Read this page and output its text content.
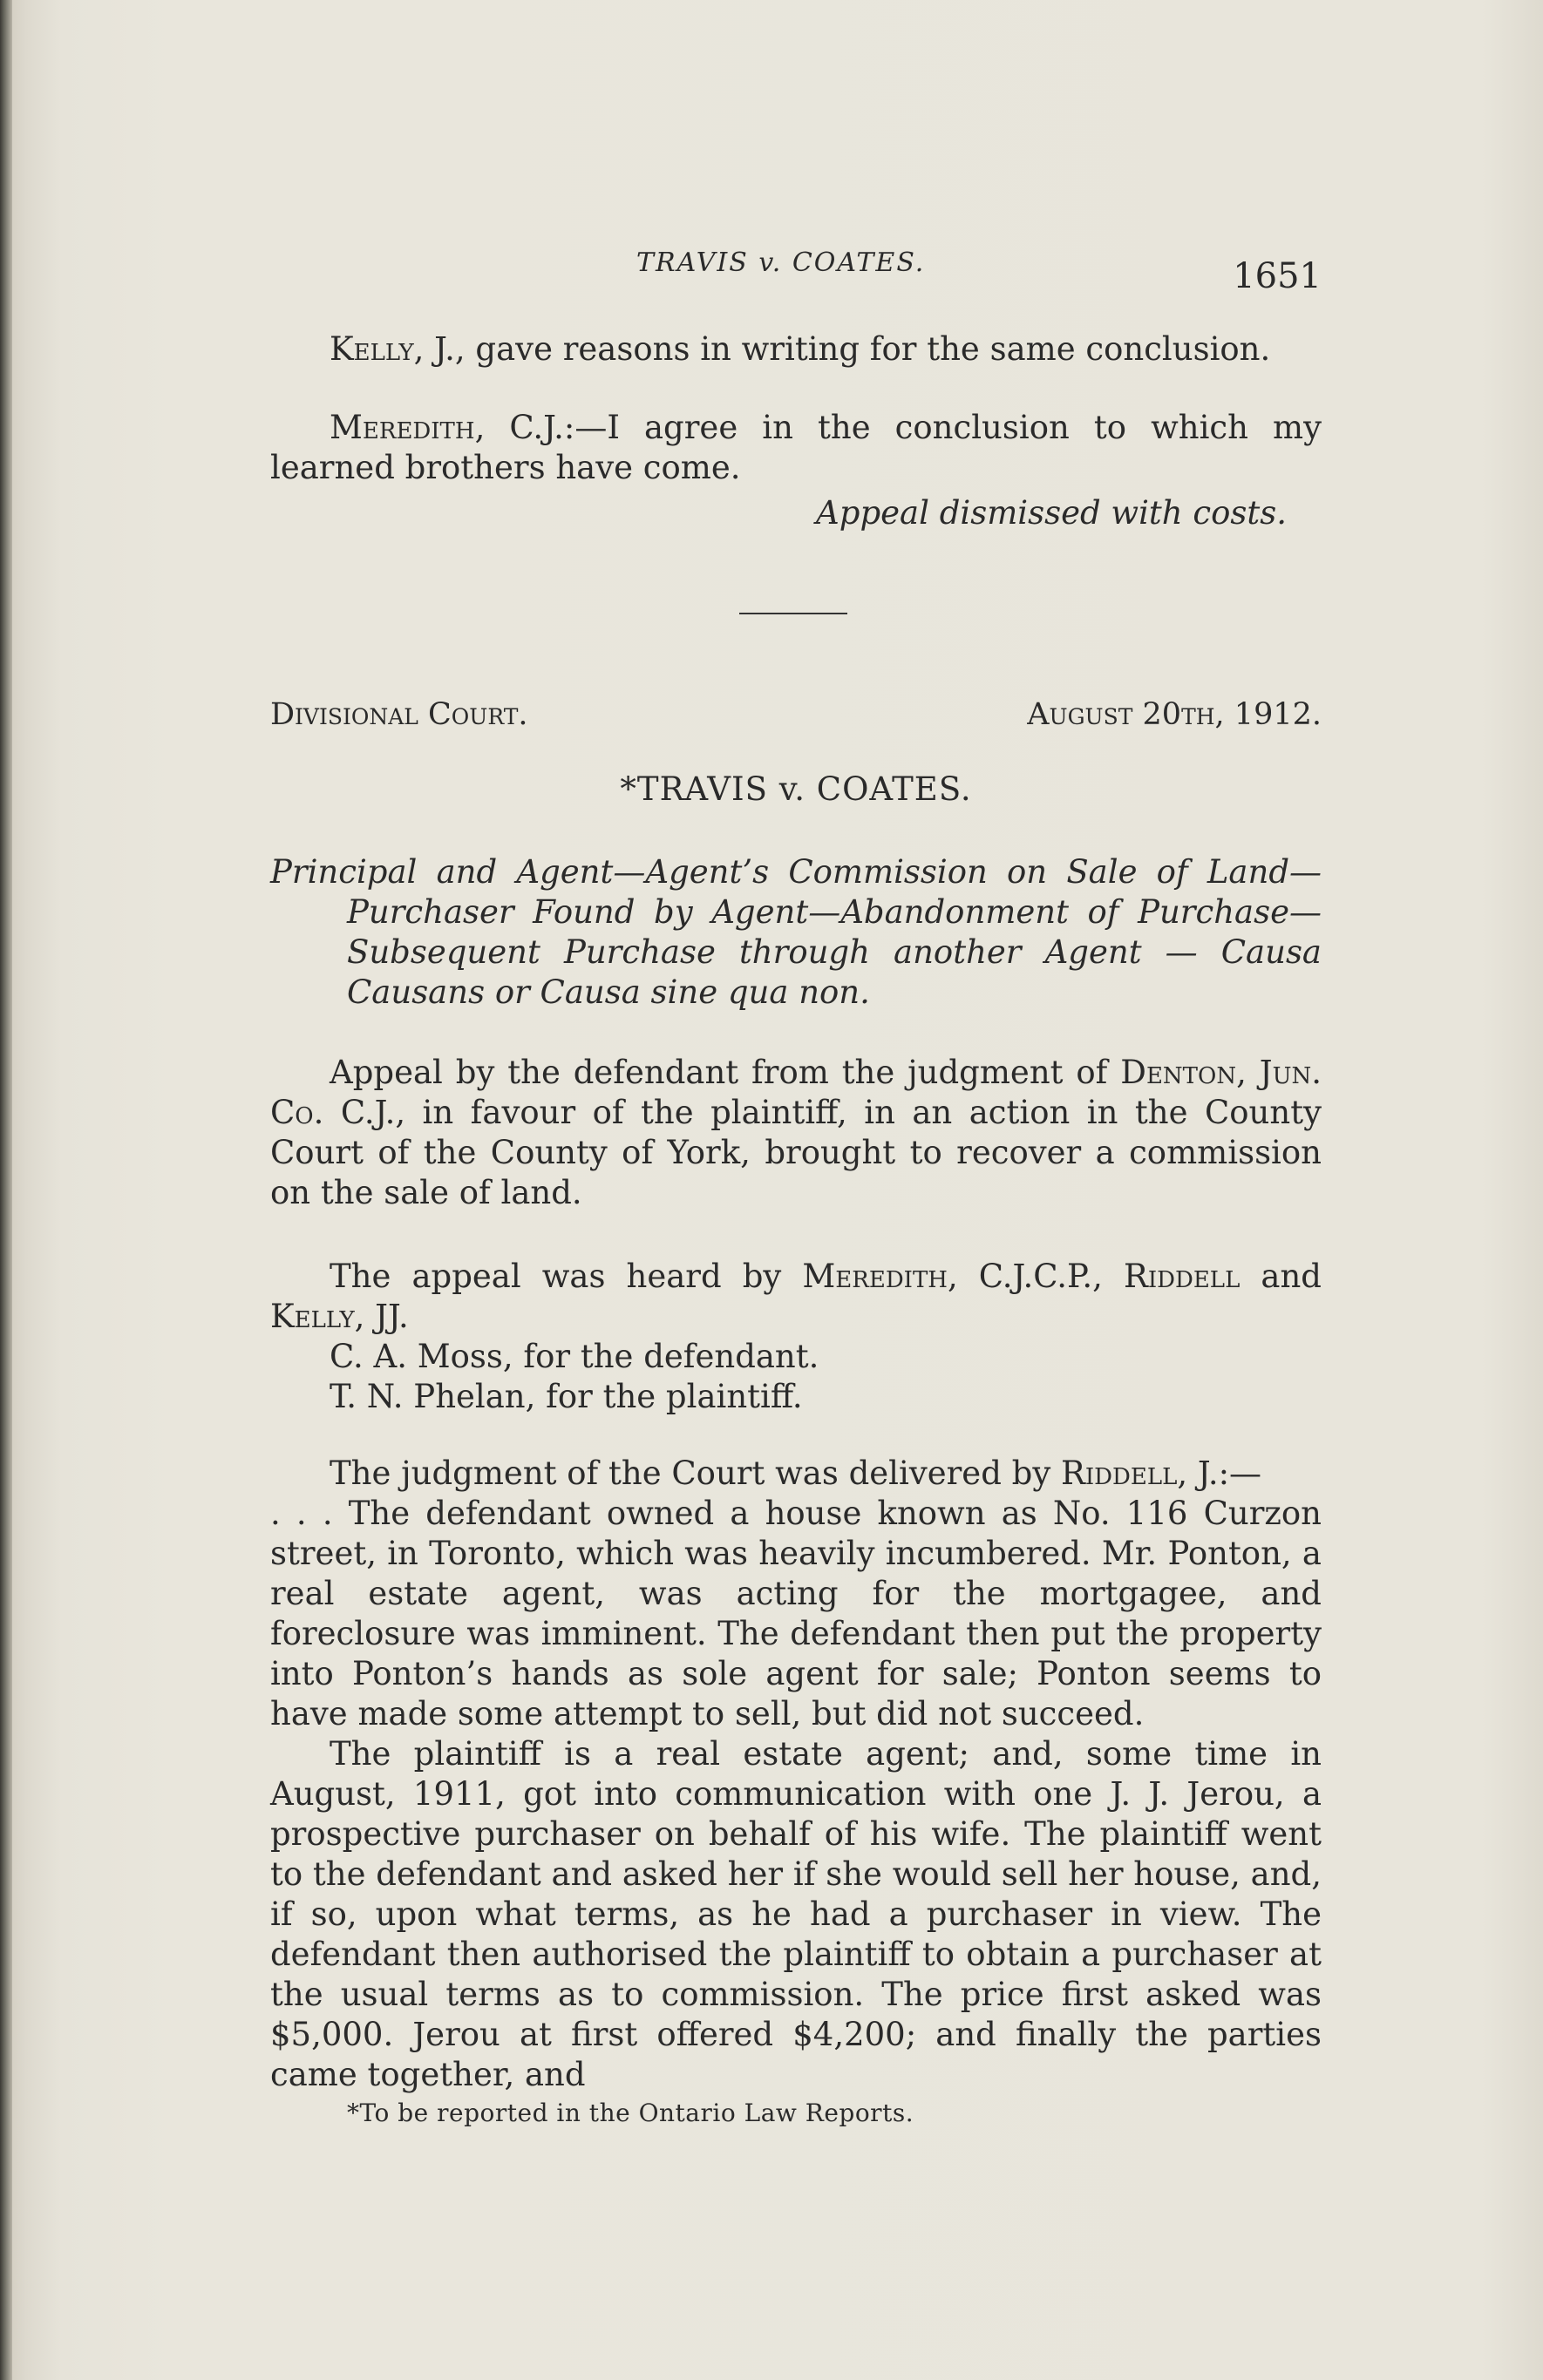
TRAVIS v. COATES.	1651

Kelly, J., gave reasons in writing for the same conclusion.

Meredith, C.J.:—I agree in the conclusion to which my learned brothers have come.

Appeal dismissed with costs.
Divisional Court.	August 20th, 1912.
*TRAVIS v. COATES.

Principal and Agent—Agent’s Commission on Sale of Land—Purchaser Found by Agent—Abandonment of Purchase—Subsequent Purchase through another Agent — Causa Causans or Causa sine qua non.

Appeal by the defendant from the judgment of Denton, Jun. Co. C.J., in favour of the plaintiff, in an action in the County Court of the County of York, brought to recover a commission on the sale of land.

The appeal was heard by Meredith, C.J.C.P., Riddell and Kelly, JJ.

C. A. Moss, for the defendant.

T. N. Phelan, for the plaintiff.

The judgment of the Court was delivered by Riddell, J.:—

. . . The defendant owned a house known as No. 116 Curzon street, in Toronto, which was heavily incumbered. Mr. Ponton, a real estate agent, was acting for the mortgagee, and foreclosure was imminent. The defendant then put the property into Ponton’s hands as sole agent for sale; Ponton seems to have made some attempt to sell, but did not succeed.

The plaintiff is a real estate agent; and, some time in August, 1911, got into communication with one J. J. Jerou, a prospective purchaser on behalf of his wife. The plaintiff went to the defendant and asked her if she would sell her house, and, if so, upon what terms, as he had a purchaser in view. The defendant then authorised the plaintiff to obtain a purchaser at the usual terms as to commission. The price first asked was $5,000. Jerou at first offered $4,200; and finally the parties came together, and

*To be reported in the Ontario Law Reports.
